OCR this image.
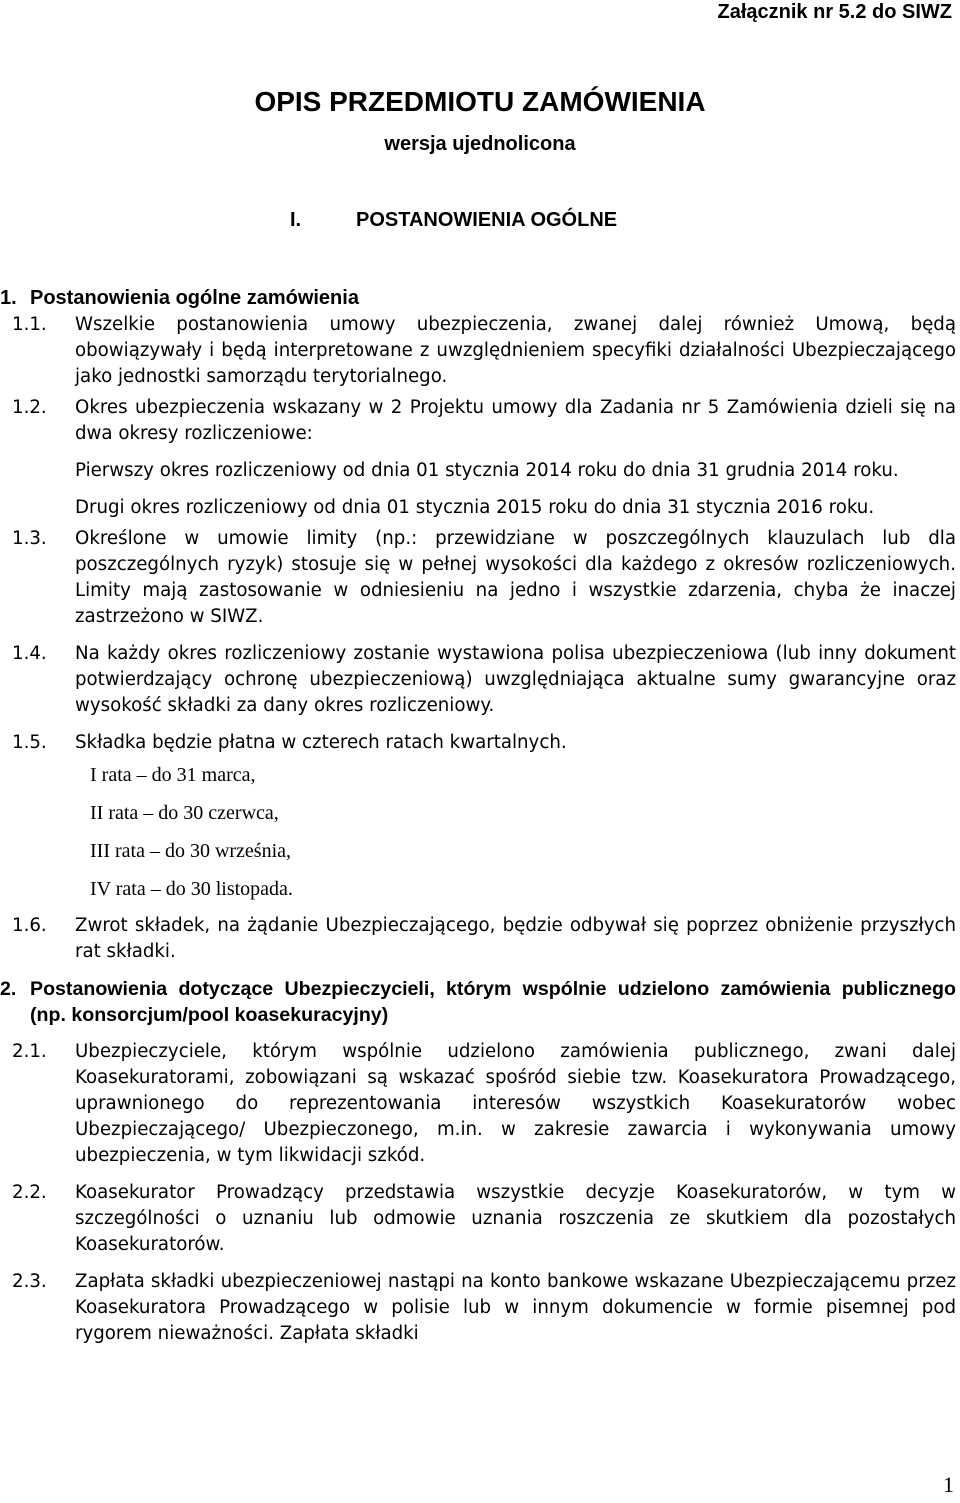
Załącznik nr 5.2 do SIWZ
OPIS PRZEDMIOTU ZAMÓWIENIA
wersja ujednolicona
I.	POSTANOWIENIA OGÓLNE
1. Postanowienia ogólne zamówienia
1.1. Wszelkie postanowienia umowy ubezpieczenia, zwanej dalej również Umową, będą obowiązywały i będą interpretowane z uwzględnieniem specyfiki działalności Ubezpieczającego jako jednostki samorządu terytorialnego.

1.2. Okres ubezpieczenia wskazany w 2 Projektu umowy dla Zadania nr 5 Zamówienia dzieli się na dwa okresy rozliczeniowe:

Pierwszy okres rozliczeniowy od dnia 01 stycznia 2014 roku do dnia 31 grudnia 2014 roku.
Drugi okres rozliczeniowy od dnia 01 stycznia 2015 roku do dnia 31 stycznia 2016 roku.
1.3. Określone w umowie limity (np.: przewidziane w poszczególnych klauzulach lub dla poszczególnych ryzyk) stosuje się w pełnej wysokości dla każdego z okresów rozliczeniowych. Limity mają zastosowanie w odniesieniu na jedno i wszystkie zdarzenia, chyba że inaczej zastrzeżono w SIWZ.

1.4. Na każdy okres rozliczeniowy zostanie wystawiona polisa ubezpieczeniowa (lub inny dokument potwierdzający ochronę ubezpieczeniową) uwzględniająca aktualne sumy gwarancyjne oraz wysokość składki za dany okres rozliczeniowy.

1.5. Składka będzie płatna w czterech ratach kwartalnych.

I rata – do 31 marca,
II rata – do 30 czerwca,
III rata – do 30 września,
IV rata – do 30 listopada.
1.6. Zwrot składek, na żądanie Ubezpieczającego, będzie odbywał się poprzez obniżenie przyszłych rat składki.

2. Postanowienia dotyczące Ubezpieczycieli, którym wspólnie udzielono zamówienia publicznego (np. konsorcjum/pool koasekuracyjny)

2.1. Ubezpieczyciele, którym wspólnie udzielono zamówienia publicznego, zwani dalej Koasekuratorami, zobowiązani są wskazać spośród siebie tzw. Koasekuratora Prowadzącego, uprawnionego do reprezentowania interesów wszystkich Koasekuratorów wobec Ubezpieczającego/ Ubezpieczonego, m.in. w zakresie zawarcia i wykonywania umowy ubezpieczenia, w tym likwidacji szkód.

2.2. Koasekurator Prowadzący przedstawia wszystkie decyzje Koasekuratorów, w tym w szczególności o uznaniu lub odmowie uznania roszczenia ze skutkiem dla pozostałych Koasekuratorów.

2.3. Zapłata składki ubezpieczeniowej nastąpi na konto bankowe wskazane Ubezpieczającemu przez Koasekuratora Prowadzącego w polisie lub w innym dokumencie w formie pisemnej pod rygorem nieważności. Zapłata składki

1
